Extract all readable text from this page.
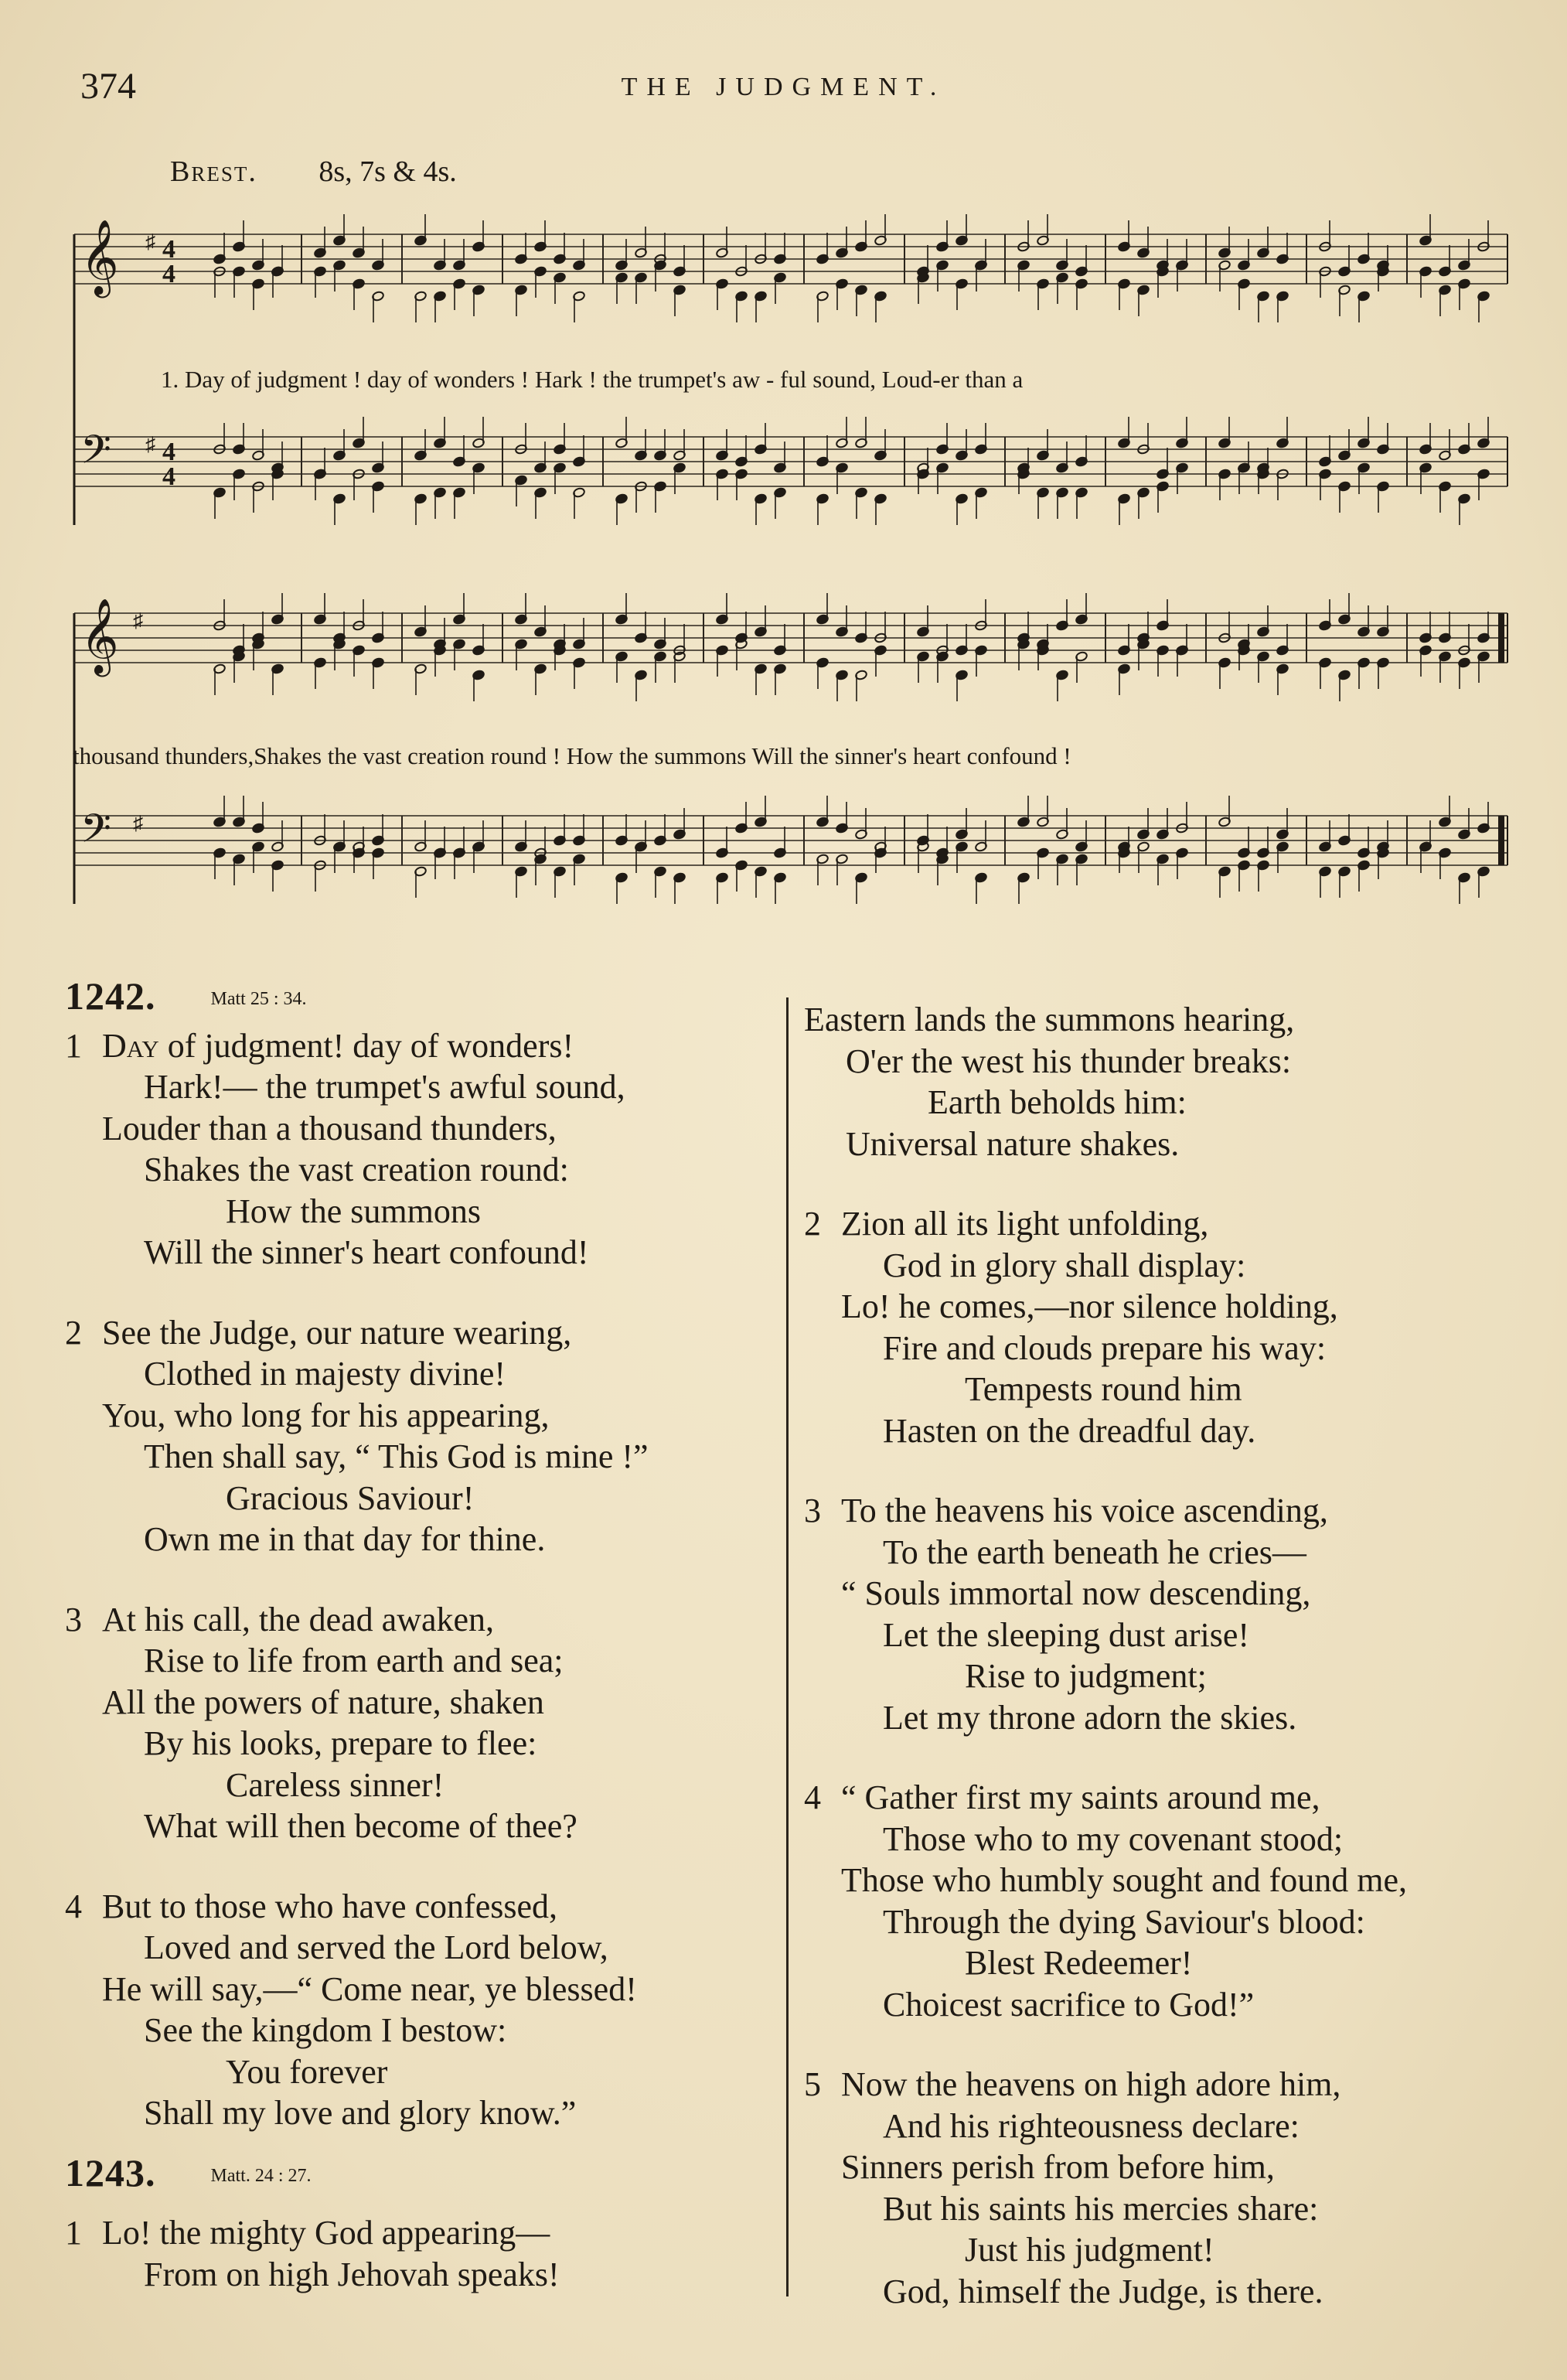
374	THE JUDGMENT.
Brest. 8s, 7s & 4s.
𝄞
𝄢
4
4
♯
4
4
♯
1. Day of judgment ! day of wonders ! Hark ! the trumpet's aw - ful sound, Loud-er than a
𝄞
𝄢
♯
♯
thousand thunders,Shakes the vast creation round ! How the summons Will the sinner's heart confound !
1242.	Matt 25 : 34.
1 Day of judgment! day of wonders!
Hark!— the trumpet's awful sound,
Louder than a thousand thunders,
Shakes the vast creation round:
How the summons
Will the sinner's heart confound!
2 See the Judge, our nature wearing,
Clothed in majesty divine!
You, who long for his appearing,
Then shall say, “ This God is mine !”
Gracious Saviour!
Own me in that day for thine.
3 At his call, the dead awaken,
Rise to life from earth and sea;
All the powers of nature, shaken
By his looks, prepare to flee:
Careless sinner!
What will then become of thee?
4 But to those who have confessed,
Loved and served the Lord below,
He will say,—“ Come near, ye blessed!
See the kingdom I bestow:
You forever
Shall my love and glory know.”
1243.	Matt. 24 : 27.
1 Lo! the mighty God appearing—
From on high Jehovah speaks!
Eastern lands the summons hearing,
O'er the west his thunder breaks:
Earth beholds him:
Universal nature shakes.
2 Zion all its light unfolding,
God in glory shall display:
Lo! he comes,—nor silence holding,
Fire and clouds prepare his way:
Tempests round him
Hasten on the dreadful day.
3 To the heavens his voice ascending,
To the earth beneath he cries—
“ Souls immortal now descending,
Let the sleeping dust arise!
Rise to judgment;
Let my throne adorn the skies.
4 “ Gather first my saints around me,
Those who to my covenant stood;
Those who humbly sought and found me,
Through the dying Saviour's blood:
Blest Redeemer!
Choicest sacrifice to God!”
5 Now the heavens on high adore him,
And his righteousness declare:
Sinners perish from before him,
But his saints his mercies share:
Just his judgment!
God, himself the Judge, is there.
